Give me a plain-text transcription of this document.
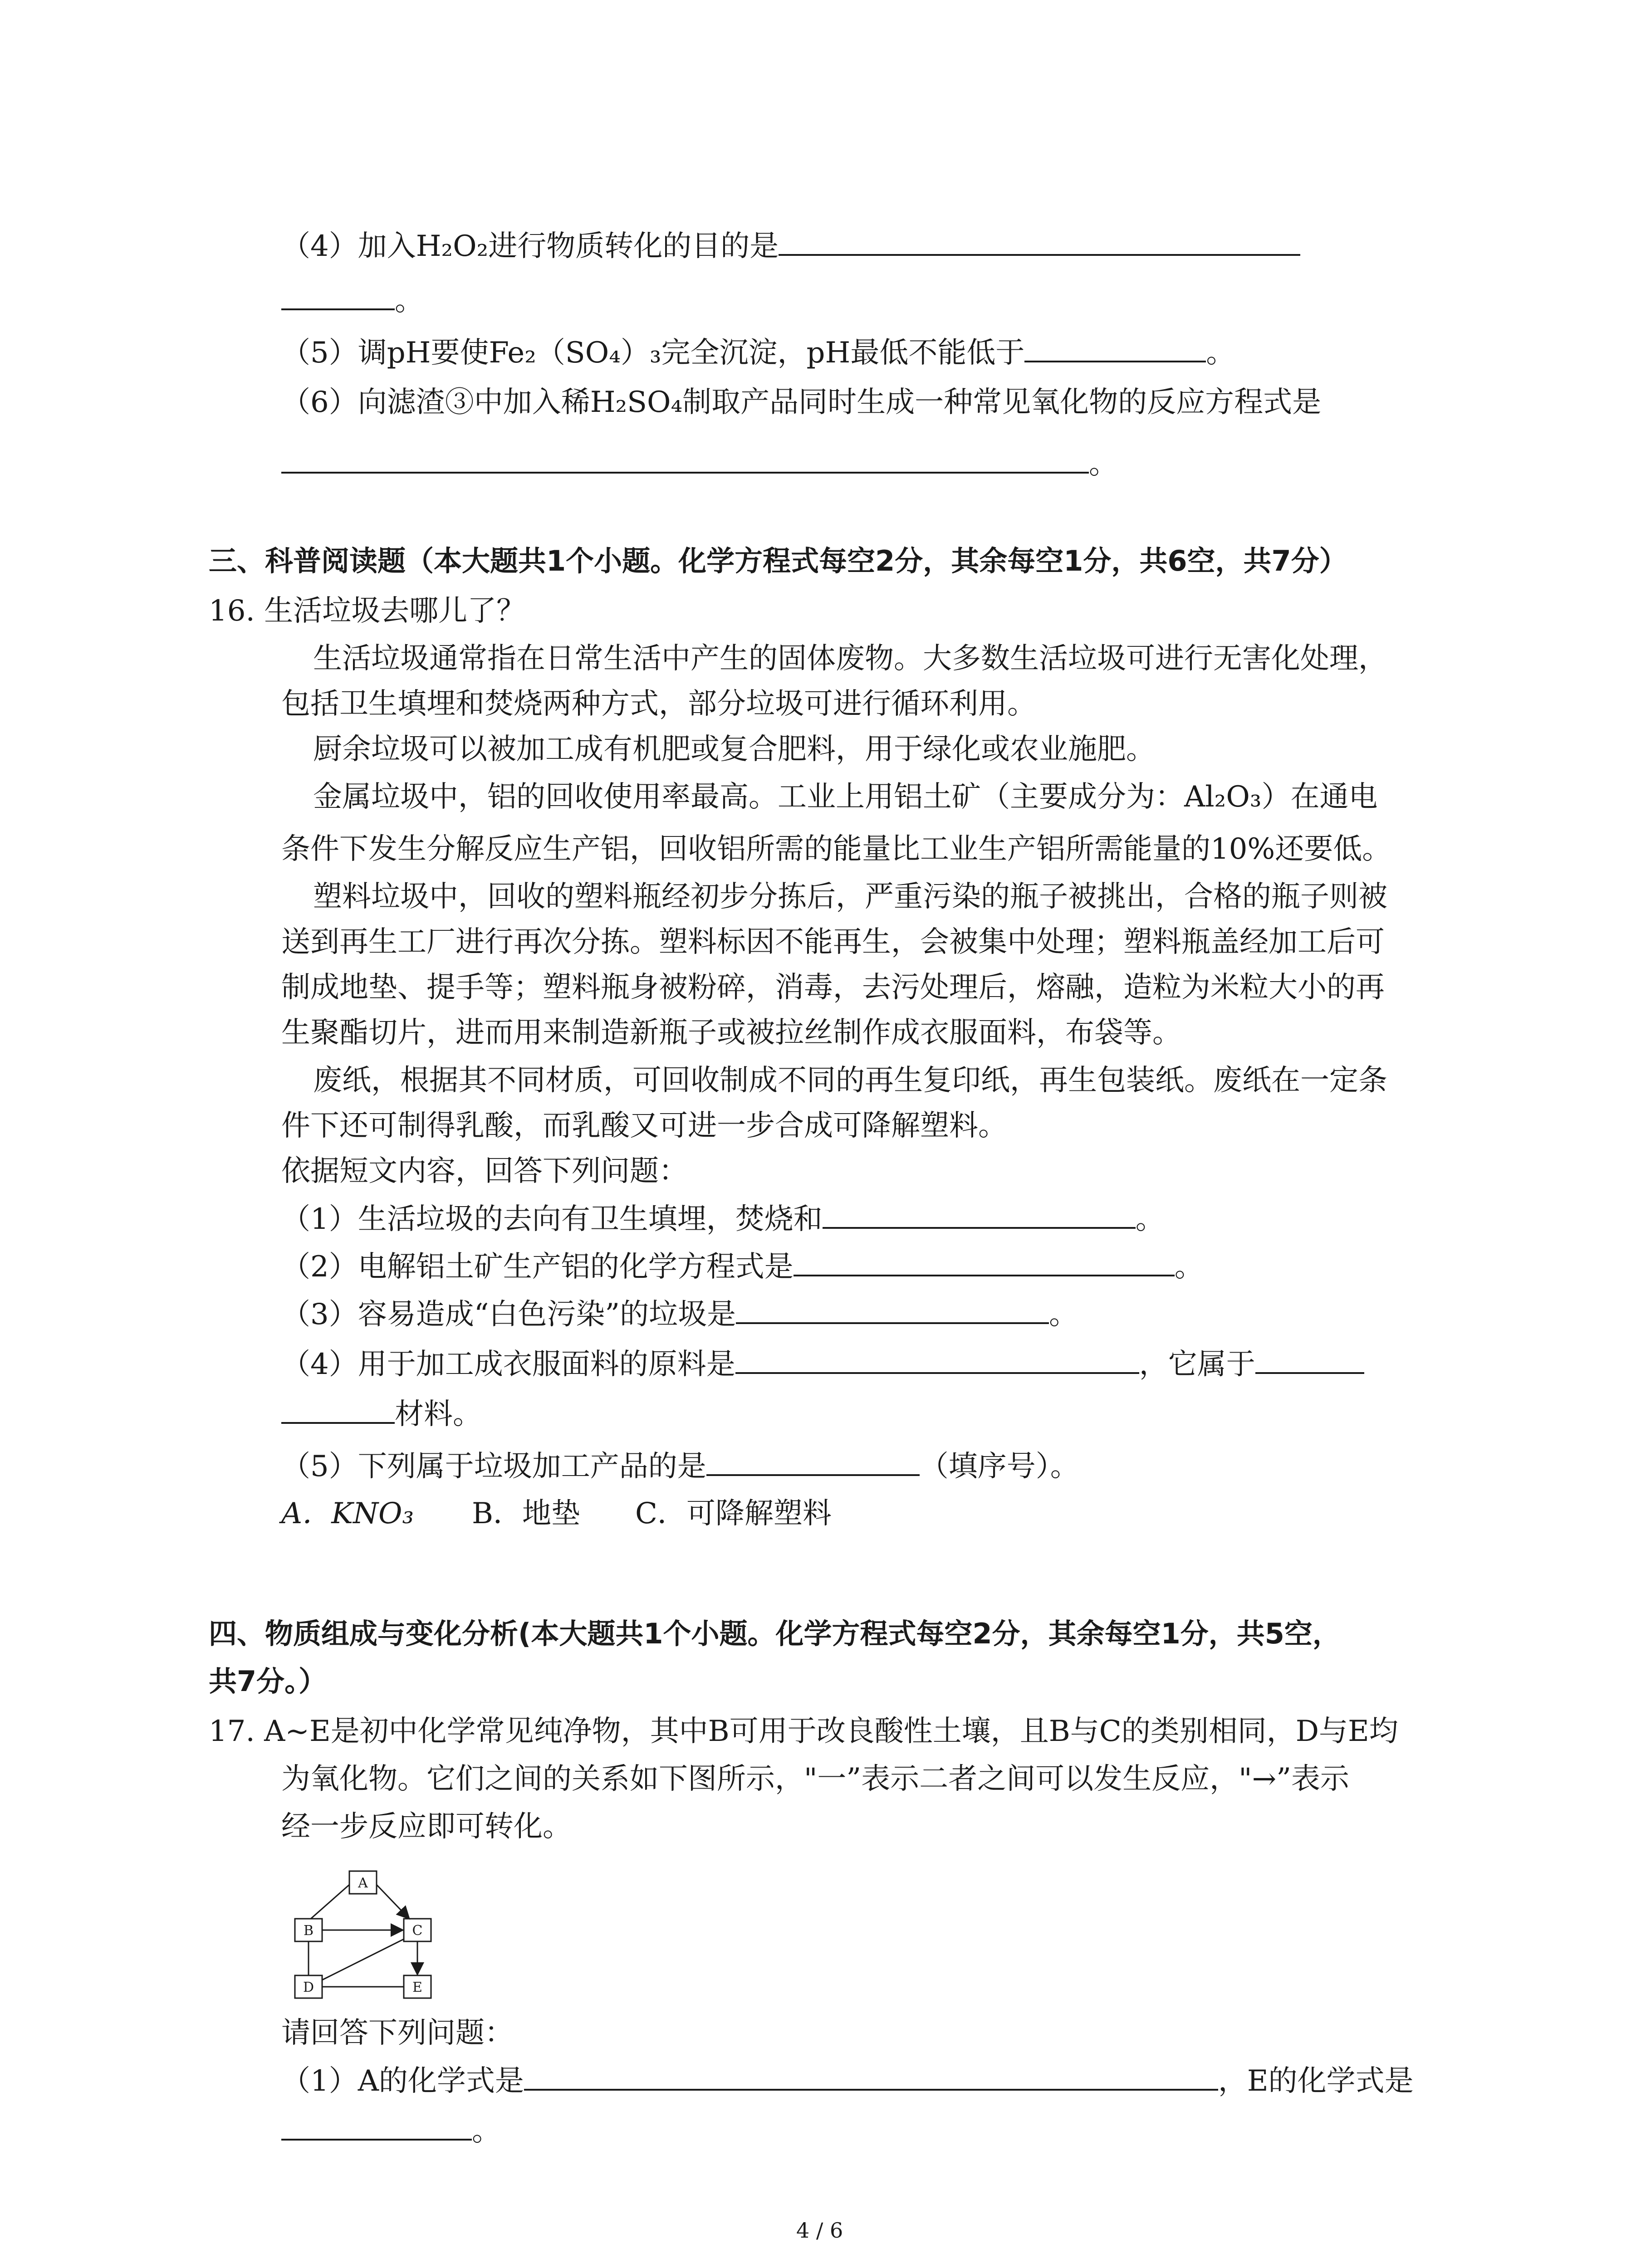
（4）加入H₂O₂进行物质转化的目的是
。
（5）调pH要使Fe₂（SO₄）₃完全沉淀，pH最低不能低于	。
（6）向滤渣③中加入稀H₂SO₄制取产品同时生成一种常见氧化物的反应方程式是
。
三、科普阅读题（本大题共1个小题。化学方程式每空2分，其余每空1分，共6空，共7分）
16. 生活垃圾去哪儿了？
生活垃圾通常指在日常生活中产生的固体废物。大多数生活垃圾可进行无害化处理，
包括卫生填埋和焚烧两种方式，部分垃圾可进行循环利用。
厨余垃圾可以被加工成有机肥或复合肥料，用于绿化或农业施肥。
金属垃圾中，铝的回收使用率最高。工业上用铝土矿（主要成分为：Al₂O₃）在通电
条件下发生分解反应生产铝，回收铝所需的能量比工业生产铝所需能量的10%还要低。
塑料垃圾中，回收的塑料瓶经初步分拣后，严重污染的瓶子被挑出，合格的瓶子则被
送到再生工厂进行再次分拣。塑料标因不能再生，会被集中处理；塑料瓶盖经加工后可
制成地垫、提手等；塑料瓶身被粉碎，消毒，去污处理后，熔融，造粒为米粒大小的再
生聚酯切片，进而用来制造新瓶子或被拉丝制作成衣服面料，布袋等。
废纸，根据其不同材质，可回收制成不同的再生复印纸，再生包装纸。废纸在一定条
件下还可制得乳酸，而乳酸又可进一步合成可降解塑料。
依据短文内容，回答下列问题：
（1）生活垃圾的去向有卫生填埋，焚烧和	。
（2）电解铝土矿生产铝的化学方程式是	。
（3）容易造成“白色污染”的垃圾是	。
（4）用于加工成衣服面料的原料是	，它属于
材料。
（5）下列属于垃圾加工产品的是	（填序号）。
A．KNO₃ B．地垫 C．可降解塑料
四、物质组成与变化分析(本大题共1个小题。化学方程式每空2分，其余每空1分，共5空，
共7分。）
17. A~E是初中化学常见纯净物，其中B可用于改良酸性土壤，且B与C的类别相同，D与E均
为氧化物。它们之间的关系如下图所示，"一”表示二者之间可以发生反应，"→”表示
经一步反应即可转化。
A
B	C
D	E
请回答下列问题：
（1）A的化学式是	，E的化学式是
。
4 / 6
